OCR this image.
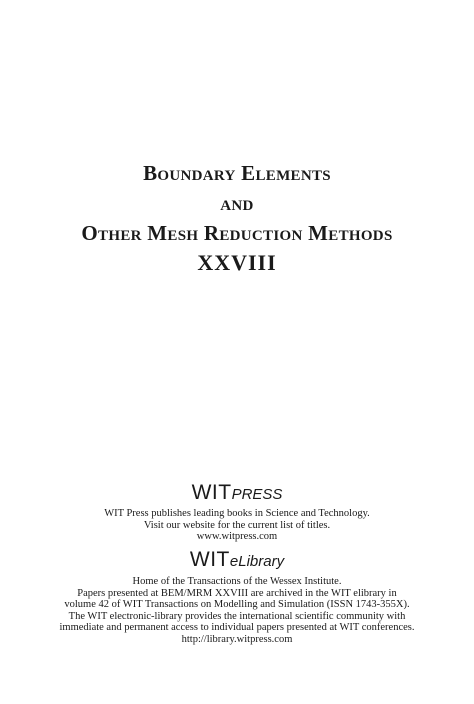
Boundary Elements
and
Other Mesh Reduction Methods
XXVIII
WITPRESS
WIT Press publishes leading books in Science and Technology.
Visit our website for the current list of titles.
www.witpress.com
WITeLibrary
Home of the Transactions of the Wessex Institute.
Papers presented at BEM/MRM XXVIII are archived in the WIT elibrary in
volume 42 of WIT Transactions on Modelling and Simulation (ISSN 1743-355X).
The WIT electronic-library provides the international scientific community with
immediate and permanent access to individual papers presented at WIT conferences.
http://library.witpress.com
